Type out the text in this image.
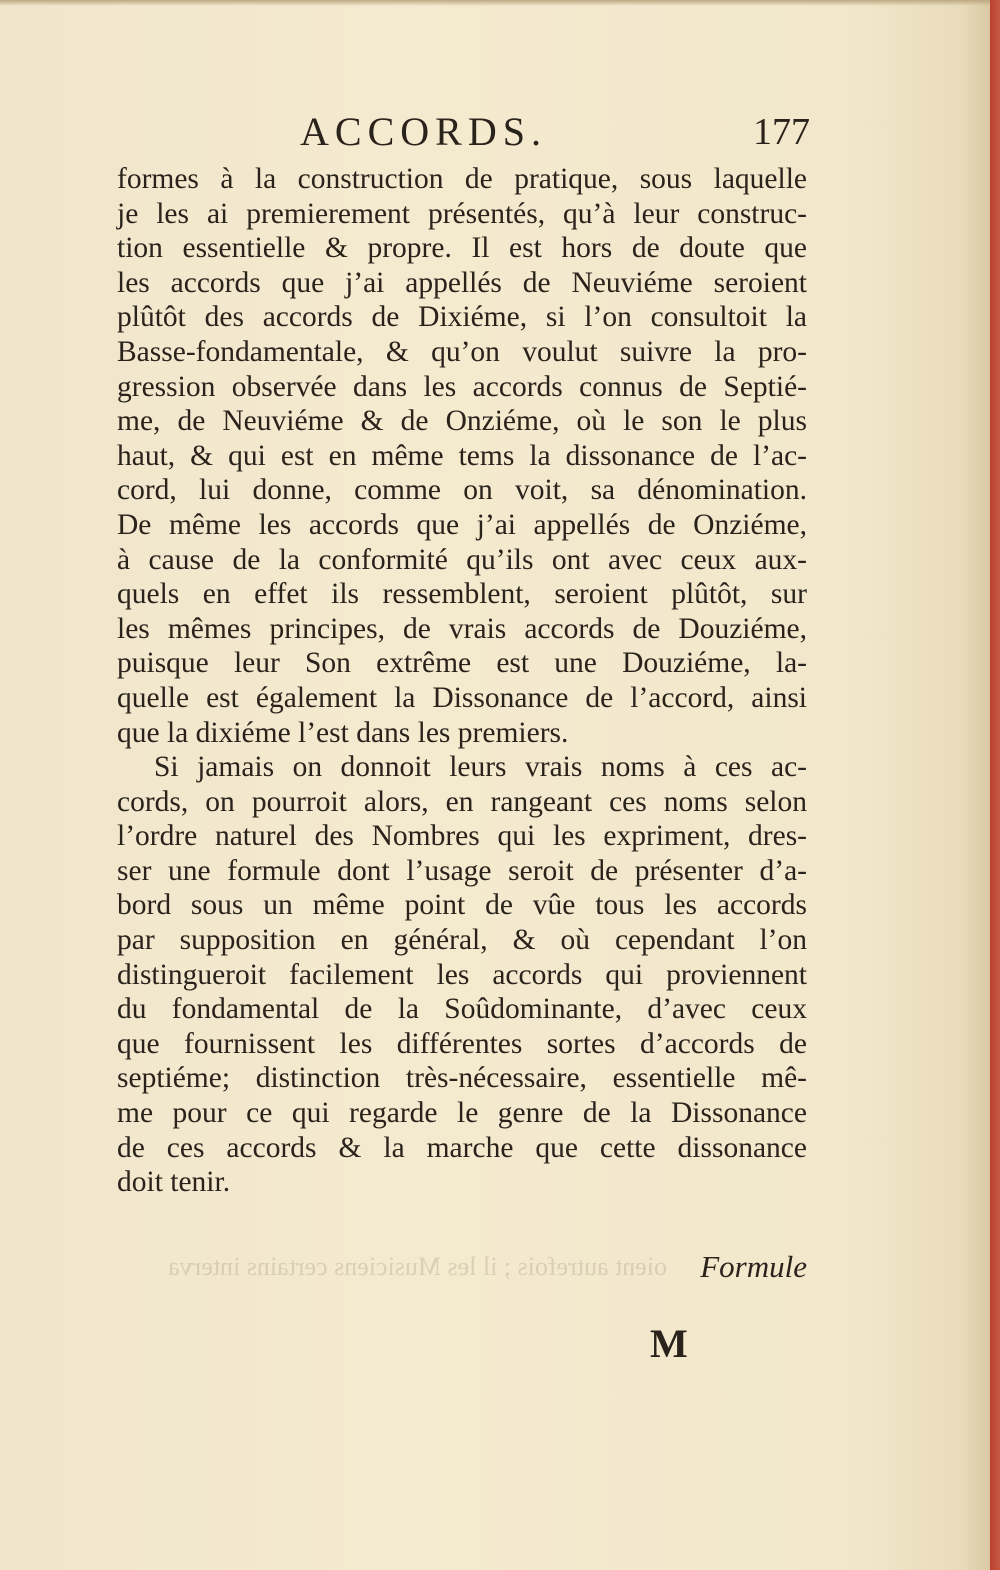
ACCORDS.	177
formes à la construction de pratique, sous laquelle
je les ai premierement présentés, qu’à leur construc-
tion essentielle & propre. Il est hors de doute que
les accords que j’ai appellés de Neuviéme seroient
plûtôt des accords de Dixiéme, si l’on consultoit la
Basse-fondamentale, & qu’on voulut suivre la pro-
gression observée dans les accords connus de Septié-
me, de Neuviéme & de Onziéme, où le son le plus
haut, & qui est en même tems la dissonance de l’ac-
cord, lui donne, comme on voit, sa dénomination.
De même les accords que j’ai appellés de Onziéme,
à cause de la conformité qu’ils ont avec ceux aux-
quels en effet ils ressemblent, seroient plûtôt, sur
les mêmes principes, de vrais accords de Douziéme,
puisque leur Son extrême est une Douziéme, la-
quelle est également la Dissonance de l’accord, ainsi
que la dixiéme l’est dans les premiers.
Si jamais on donnoit leurs vrais noms à ces ac-
cords, on pourroit alors, en rangeant ces noms selon
l’ordre naturel des Nombres qui les expriment, dres-
ser une formule dont l’usage seroit de présenter d’a-
bord sous un même point de vûe tous les accords
par supposition en général, & où cependant l’on
distingueroit facilement les accords qui proviennent
du fondamental de la Soûdominante, d’avec ceux
que fournissent les différentes sortes d’accords de
septiéme; distinction très-nécessaire, essentielle mê-
me pour ce qui regarde le genre de la Dissonance
de ces accords & la marche que cette dissonance
doit tenir.
oient autrefois ; il les Musiciens certains interva Formule
M
